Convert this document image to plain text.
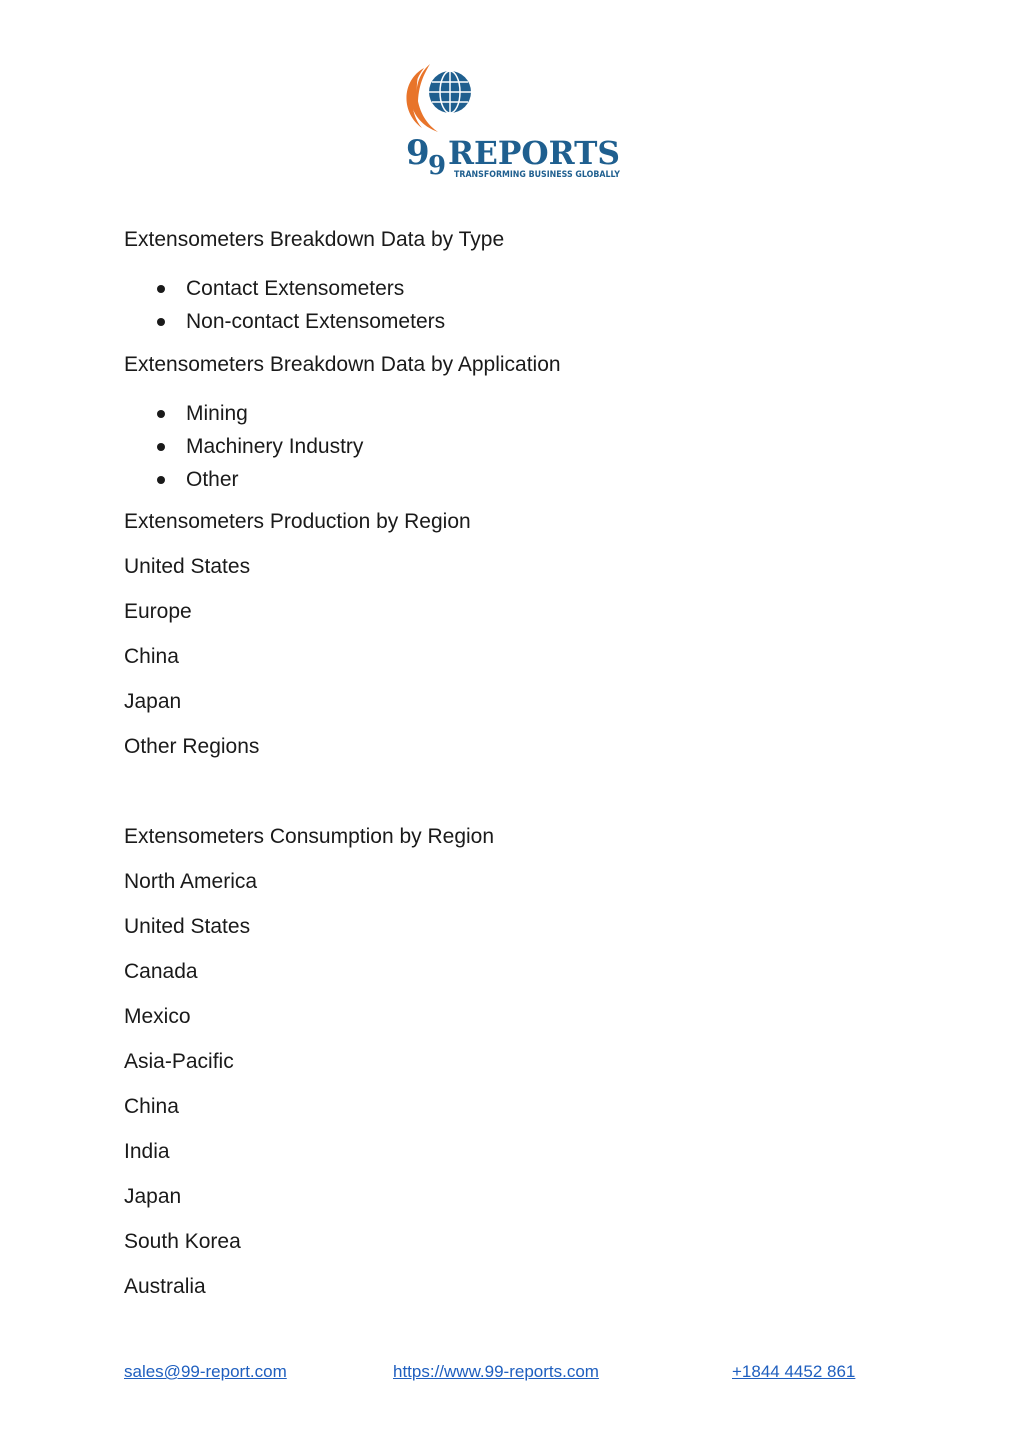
9
9 REPORTS
TRANSFORMING BUSINESS GLOBALLY

Extensometers Breakdown Data by Type

Contact Extensometers
Non-contact Extensometers

Extensometers Breakdown Data by Application

Mining
Machinery Industry
Other

Extensometers Production by Region

United States

Europe

China

Japan

Other Regions

Extensometers Consumption by Region

North America

United States

Canada

Mexico

Asia-Pacific

China

India

Japan

South Korea

Australia

sales@99-report.com	https://www.99-reports.com	+1844 4452 861
